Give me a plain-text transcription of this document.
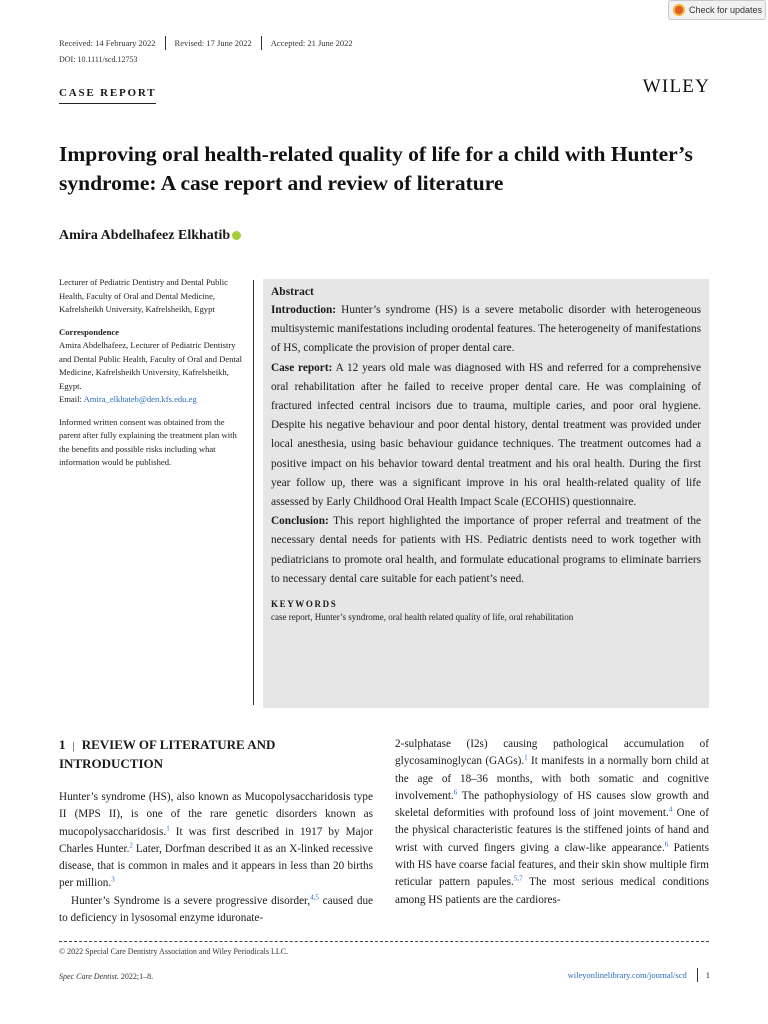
Check for updates
Received: 14 February 2022 Revised: 17 June 2022 Accepted: 21 June 2022
DOI: 10.1111/scd.12753
CASE REPORT	WILEY
Improving oral health-related quality of life for a child with Hunter’s syndrome: A case report and review of literature
Amira Abdelhafeez Elkhatib

Lecturer of Pediatric Dentistry and Dental Public Health, Faculty of Oral and Dental Medicine, Kafrelsheikh University, Kafrelsheikh, Egypt

Correspondence
Amira Abdelhafeez, Lecturer of Pediatric Dentistry and Dental Public Health, Faculty of Oral and Dental Medicine, Kafrelsheikh University, Kafrelsheikh, Egypt.

Email: Amira_elkhateb@den.kfs.edu.eg

Informed written consent was obtained from the parent after fully explaining the treatment plan with the benefits and possible risks including what information would be published.

Abstract

Introduction: Hunter’s syndrome (HS) is a severe metabolic disorder with heterogeneous multisystemic manifestations including orodental features. The heterogeneity of manifestations of HS, complicate the provision of proper dental care.

Case report: A 12 years old male was diagnosed with HS and referred for a comprehensive oral rehabilitation after he failed to receive proper dental care. He was complaining of fractured infected central incisors due to trauma, multiple caries, and poor oral hygiene. Despite his negative behaviour and poor dental history, dental treatment was provided under local anesthesia, using basic behaviour guidance techniques. The treatment outcomes had a positive impact on his behavior toward dental treatment and his oral health. During the first year follow up, there was a significant improve in his oral health-related quality of life assessed by Early Childhood Oral Health Impact Scale (ECOHIS) questionnaire.

Conclusion: This report highlighted the importance of proper referral and treatment of the necessary dental needs for patients with HS. Pediatric dentists need to work together with pediatricians to promote oral health, and formulate educational programs to eliminate barriers to necessary dental care suitable for each patient’s need.

KEYWORDS
case report, Hunter’s syndrome, oral health related quality of life, oral rehabilitation
1 | REVIEW OF LITERATURE AND INTRODUCTION

Hunter’s syndrome (HS), also known as Mucopolysaccharidosis type II (MPS II), is one of the rare genetic disorders known as mucopolysaccharidosis.$^1$ It was first described in 1917 by Major Charles Hunter.$^2$ Later, Dorfman described it as an X-linked recessive disease, that is common in males and it appears in less than 20 births per million.$^3$

Hunter’s Syndrome is a severe progressive disorder,$^{4,5}$ caused due to deficiency in lysosomal enzyme iduronate-

2-sulphatase (I2s) causing pathological accumulation of glycosaminoglycan (GAGs).$^1$ It manifests in a normally born child at the age of 18–36 months, with both somatic and cognitive involvement.$^6$ The pathophysiology of HS causes slow growth and skeletal deformities with profound loss of joint movement.$^4$ One of the physical characteristic features is the stiffened joints of hand and wrist with curved fingers giving a claw-like appearance.$^6$ Patients with HS have coarse facial features, and their skin show multiple firm reticular pattern papules.$^{5,7}$ The most serious medical conditions among HS patients are the cardiores-

© 2022 Special Care Dentistry Association and Wiley Periodicals LLC.
Spec Care Dentist. 2022;1–8.	wileyonlinelibrary.com/journal/scd 1
